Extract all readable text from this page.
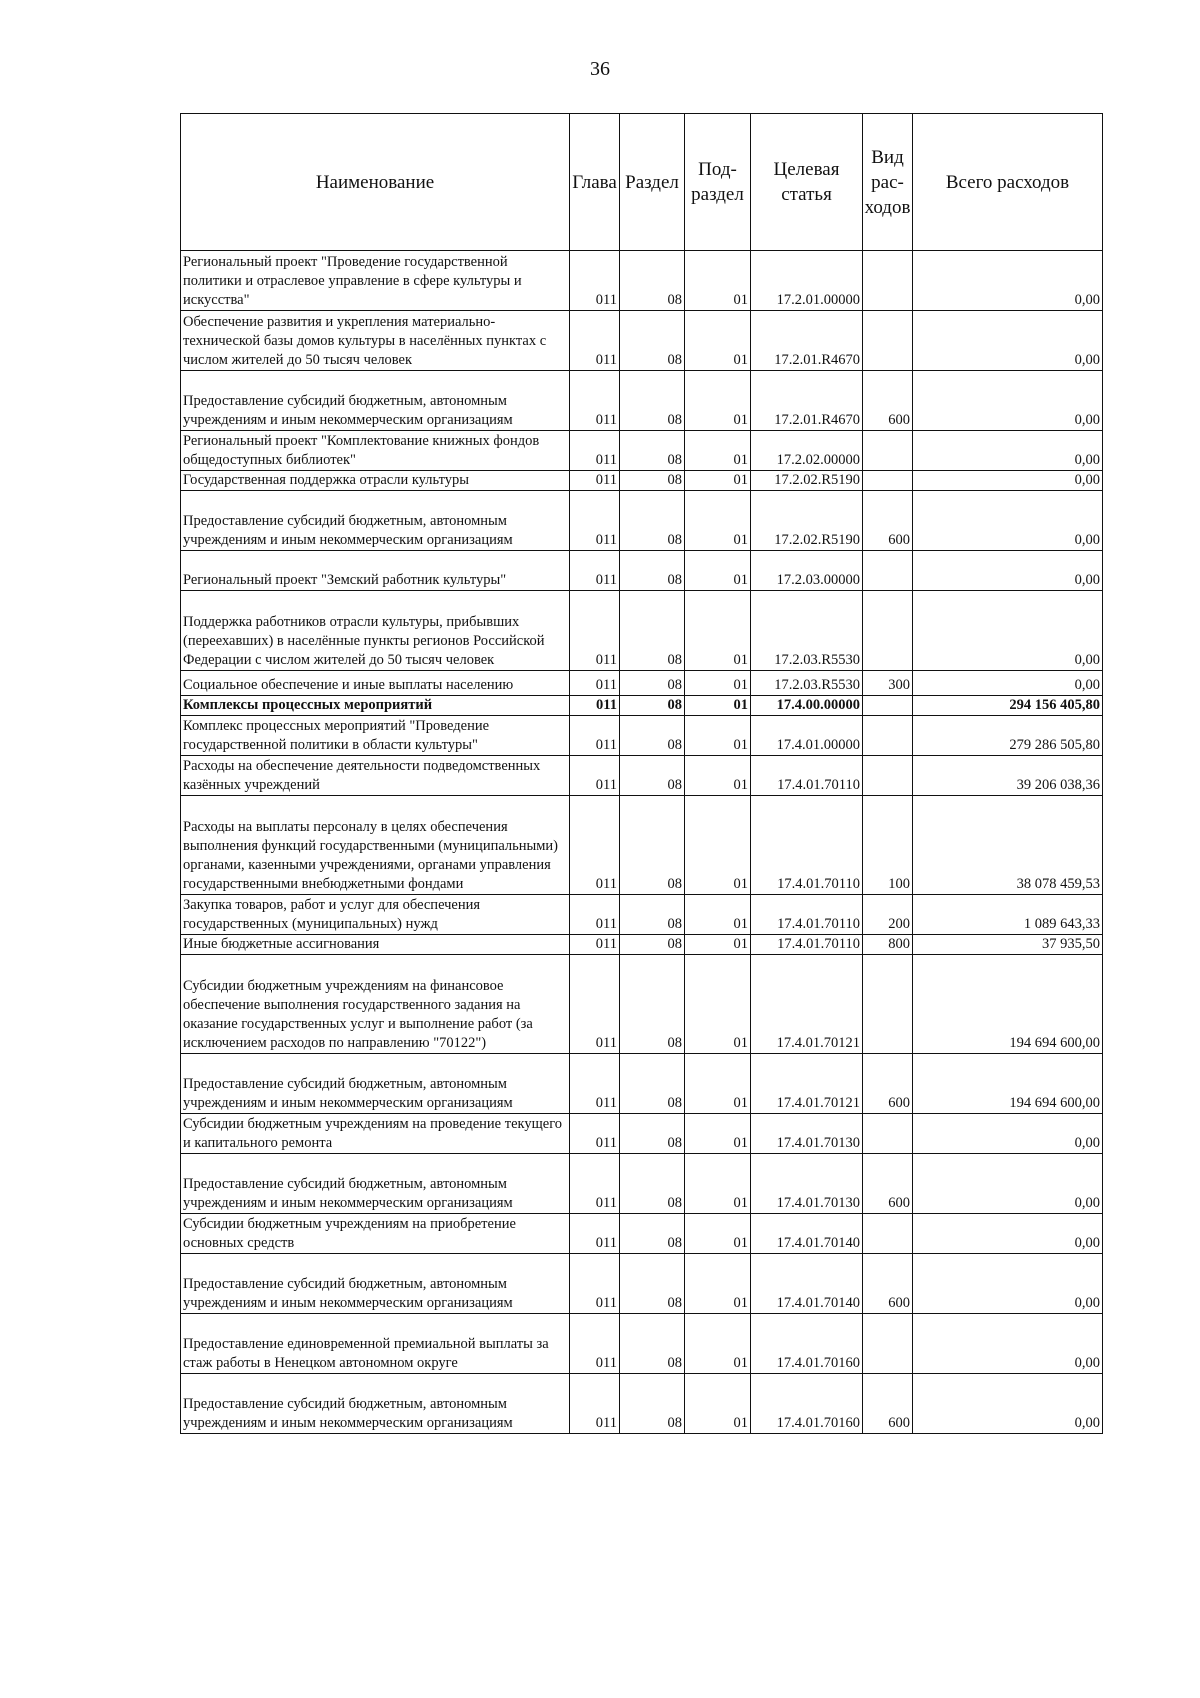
36
Наименование	Глава	Раздел	Под-раздел	Целевая статья	Вид рас-ходов	Всего расходов
Региональный проект "Проведение государственной политики и отраслевое управление в сфере культуры и искусства"	011	08	01	17.2.01.00000		0,00
Обеспечение развития и укрепления материально-технической базы домов культуры в населённых пунктах с числом жителей до 50 тысяч человек	011	08	01	17.2.01.R4670		0,00
Предоставление субсидий бюджетным, автономным учреждениям и иным некоммерческим организациям	011	08	01	17.2.01.R4670	600	0,00
Региональный проект "Комплектование книжных фондов общедоступных библиотек"	011	08	01	17.2.02.00000		0,00
Государственная поддержка отрасли культуры	011	08	01	17.2.02.R5190		0,00
Предоставление субсидий бюджетным, автономным учреждениям и иным некоммерческим организациям	011	08	01	17.2.02.R5190	600	0,00
Региональный проект "Земский работник культуры"	011	08	01	17.2.03.00000		0,00
Поддержка работников отрасли культуры, прибывших (переехавших) в населённые пункты регионов Российской Федерации с числом жителей до 50 тысяч человек	011	08	01	17.2.03.R5530		0,00
Социальное обеспечение и иные выплаты населению	011	08	01	17.2.03.R5530	300	0,00
Комплексы процессных мероприятий	011	08	01	17.4.00.00000		294 156 405,80
Комплекс процессных мероприятий "Проведение государственной политики в области культуры"	011	08	01	17.4.01.00000		279 286 505,80
Расходы на обеспечение деятельности подведомственных казённых учреждений	011	08	01	17.4.01.70110		39 206 038,36
Расходы на выплаты персоналу в целях обеспечения выполнения функций государственными (муниципальными) органами, казенными учреждениями, органами управления государственными внебюджетными фондами	011	08	01	17.4.01.70110	100	38 078 459,53
Закупка товаров, работ и услуг для обеспечения государственных (муниципальных) нужд	011	08	01	17.4.01.70110	200	1 089 643,33
Иные бюджетные ассигнования	011	08	01	17.4.01.70110	800	37 935,50
Субсидии бюджетным учреждениям на финансовое обеспечение выполнения государственного задания на оказание государственных услуг и выполнение работ (за исключением расходов по направлению "70122")	011	08	01	17.4.01.70121		194 694 600,00
Предоставление субсидий бюджетным, автономным учреждениям и иным некоммерческим организациям	011	08	01	17.4.01.70121	600	194 694 600,00
Субсидии бюджетным учреждениям на проведение текущего и капитального ремонта	011	08	01	17.4.01.70130		0,00
Предоставление субсидий бюджетным, автономным учреждениям и иным некоммерческим организациям	011	08	01	17.4.01.70130	600	0,00
Субсидии бюджетным учреждениям на приобретение основных средств	011	08	01	17.4.01.70140		0,00
Предоставление субсидий бюджетным, автономным учреждениям и иным некоммерческим организациям	011	08	01	17.4.01.70140	600	0,00
Предоставление единовременной премиальной выплаты за стаж работы в Ненецком автономном округе	011	08	01	17.4.01.70160		0,00
Предоставление субсидий бюджетным, автономным учреждениям и иным некоммерческим организациям	011	08	01	17.4.01.70160	600	0,00
